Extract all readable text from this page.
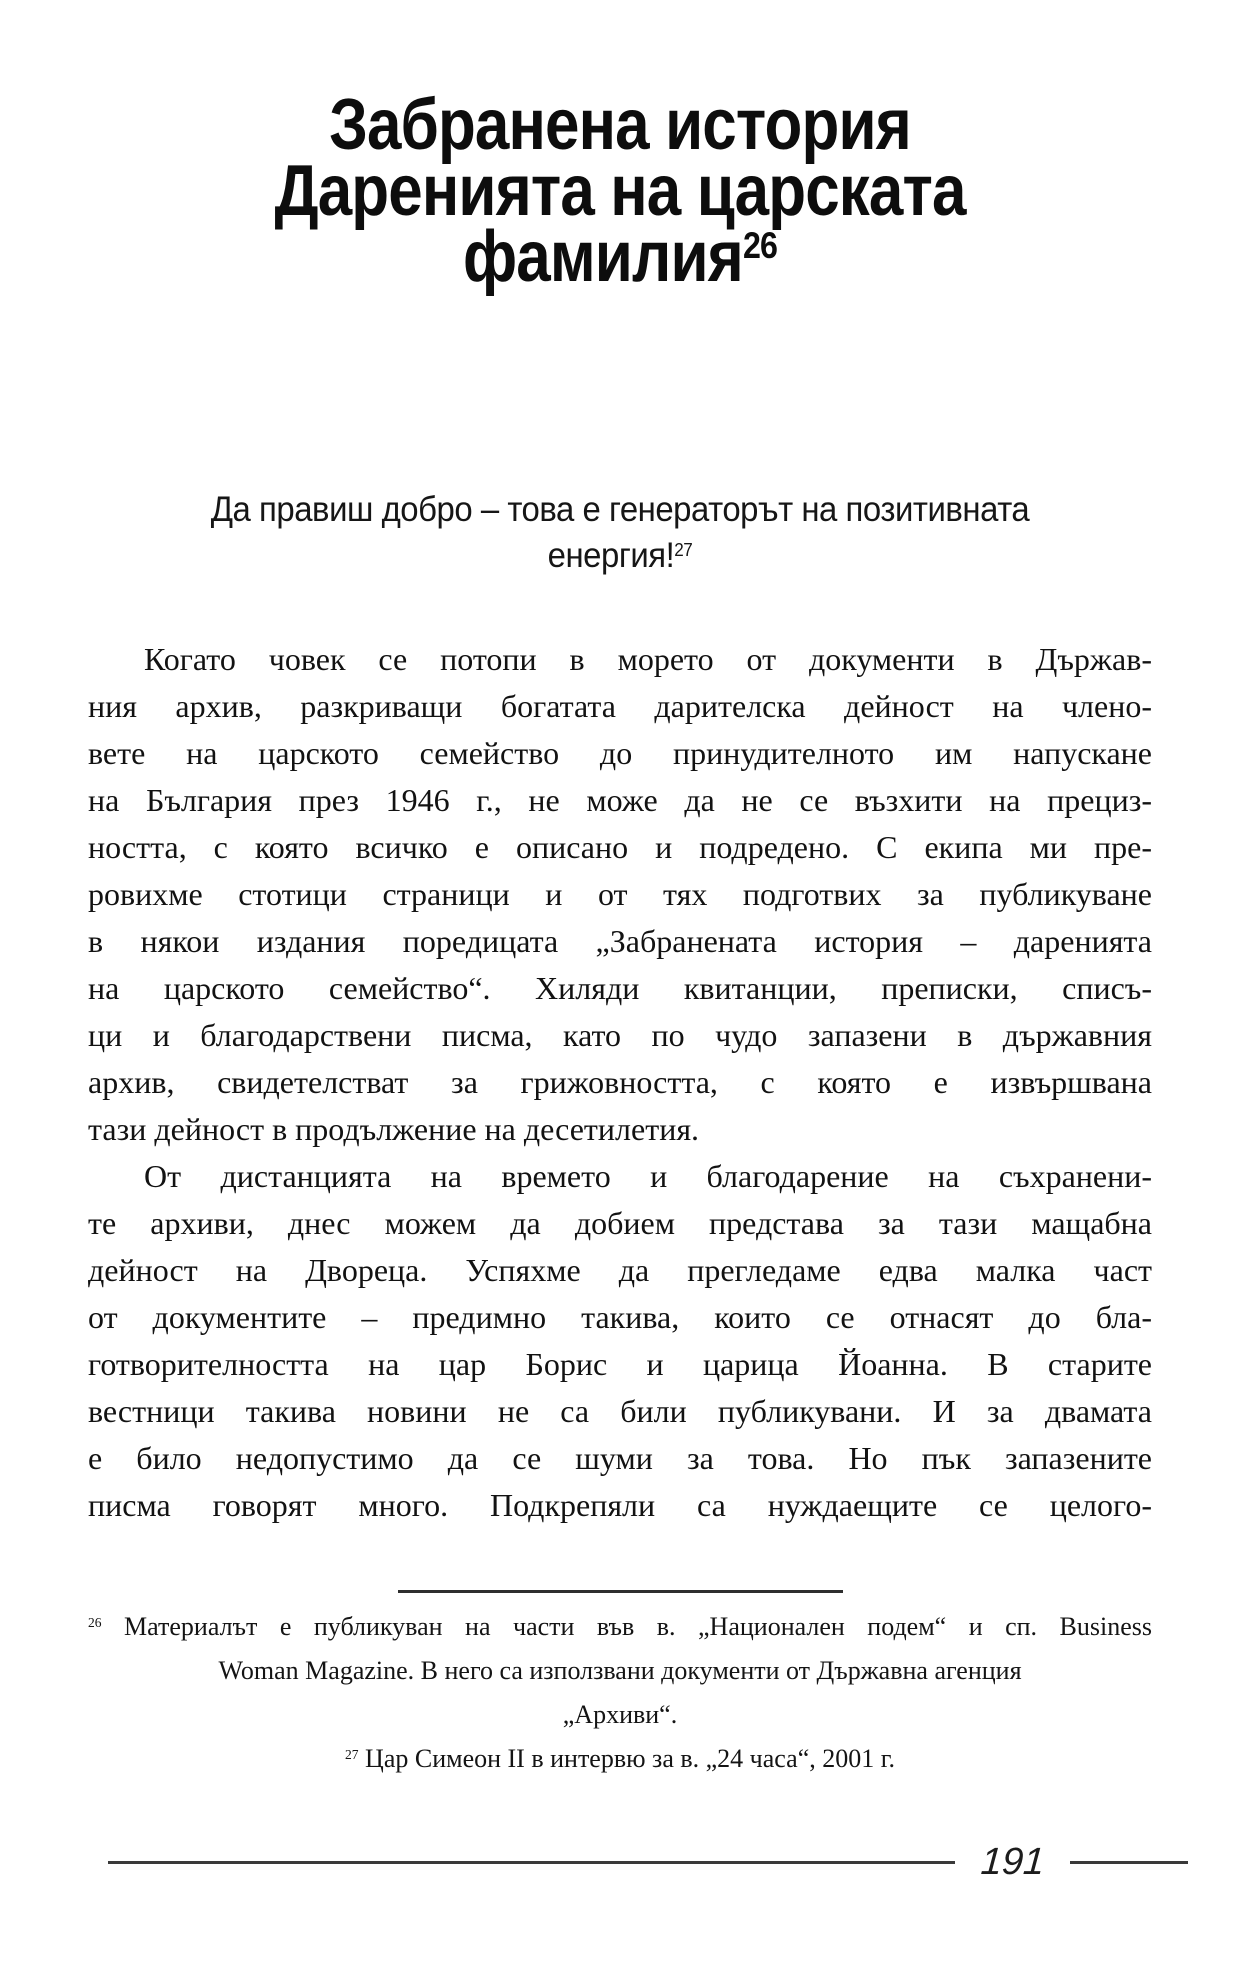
Забранена история
Даренията на царската
фамилия$^{26}$
Да правиш добро – това е генераторът на позитивната
енергия!$^{27}$
Когато човек се потопи в морето от документи в Държав-
ния архив, разкриващи богатата дарителска дейност на члено-
вете на царското семейство до принудителното им напускане
на България през 1946 г., не може да не се възхити на прециз-
ността, с която всичко е описано и подредено. С екипа ми пре-
ровихме стотици страници и от тях подготвих за публикуване
в някои издания поредицата „Забранената история – даренията
на царското семейство“. Хиляди квитанции, преписки, списъ-
ци и благодарствени писма, като по чудо запазени в държавния
архив, свидетелстват за грижовността, с която е извършвана
тази дейност в продължение на десетилетия.
От дистанцията на времето и благодарение на съхранени-
те архиви, днес можем да добием представа за тази мащабна
дейност на Двореца. Успяхме да прегледаме едва малка част
от документите – предимно такива, които се отнасят до бла-
готворителността на цар Борис и царица Йоанна. В старите
вестници такива новини не са били публикувани. И за двамата
е било недопустимо да се шуми за това. Но пък запазените
писма говорят много. Подкрепяли са нуждаещите се целого-
$^{26}$ Материалът е публикуван на части във в. „Национален подем“ и сп. Business
Woman Magazine. В него са използвани документи от Държавна агенция
„Архиви“.
$^{27}$ Цар Симеон II в интервю за в. „24 часа“, 2001 г.
191
